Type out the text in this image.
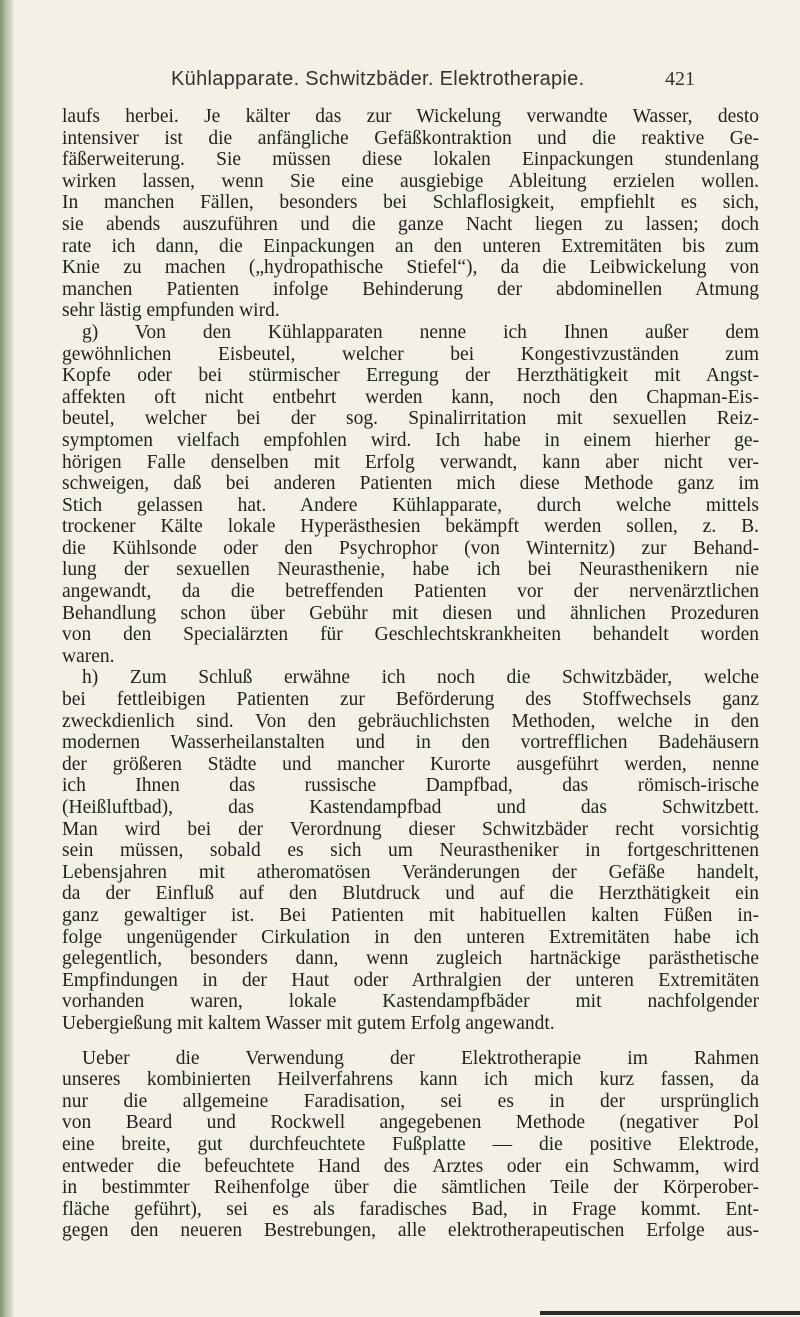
Kühlapparate. Schwitzbäder. Elektrotherapie.	421
laufs herbei. Je kälter das zur Wickelung verwandte Wasser, desto
intensiver ist die anfängliche Gefäßkontraktion und die reaktive Ge-
fäßerweiterung. Sie müssen diese lokalen Einpackungen stundenlang
wirken lassen, wenn Sie eine ausgiebige Ableitung erzielen wollen.
In manchen Fällen, besonders bei Schlaflosigkeit, empfiehlt es sich,
sie abends auszuführen und die ganze Nacht liegen zu lassen; doch
rate ich dann, die Einpackungen an den unteren Extremitäten bis zum
Knie zu machen („hydropathische Stiefel“), da die Leibwickelung von
manchen Patienten infolge Behinderung der abdominellen Atmung
sehr lästig empfunden wird.
g) Von den Kühlapparaten nenne ich Ihnen außer dem
gewöhnlichen Eisbeutel, welcher bei Kongestivzuständen zum
Kopfe oder bei stürmischer Erregung der Herzthätigkeit mit Angst-
affekten oft nicht entbehrt werden kann, noch den Chapman-Eis-
beutel, welcher bei der sog. Spinalirritation mit sexuellen Reiz-
symptomen vielfach empfohlen wird. Ich habe in einem hierher ge-
hörigen Falle denselben mit Erfolg verwandt, kann aber nicht ver-
schweigen, daß bei anderen Patienten mich diese Methode ganz im
Stich gelassen hat. Andere Kühlapparate, durch welche mittels
trockener Kälte lokale Hyperästhesien bekämpft werden sollen, z. B.
die Kühlsonde oder den Psychrophor (von Winternitz) zur Behand-
lung der sexuellen Neurasthenie, habe ich bei Neurasthenikern nie
angewandt, da die betreffenden Patienten vor der nervenärztlichen
Behandlung schon über Gebühr mit diesen und ähnlichen Prozeduren
von den Specialärzten für Geschlechtskrankheiten behandelt worden
waren.
h) Zum Schluß erwähne ich noch die Schwitzbäder, welche
bei fettleibigen Patienten zur Beförderung des Stoffwechsels ganz
zweckdienlich sind. Von den gebräuchlichsten Methoden, welche in den
modernen Wasserheilanstalten und in den vortrefflichen Badehäusern
der größeren Städte und mancher Kurorte ausgeführt werden, nenne
ich Ihnen das russische Dampfbad, das römisch-irische
(Heißluftbad), das Kastendampfbad und das Schwitzbett.
Man wird bei der Verordnung dieser Schwitzbäder recht vorsichtig
sein müssen, sobald es sich um Neurastheniker in fortgeschrittenen
Lebensjahren mit atheromatösen Veränderungen der Gefäße handelt,
da der Einfluß auf den Blutdruck und auf die Herzthätigkeit ein
ganz gewaltiger ist. Bei Patienten mit habituellen kalten Füßen in-
folge ungenügender Cirkulation in den unteren Extremitäten habe ich
gelegentlich, besonders dann, wenn zugleich hartnäckige parästhetische
Empfindungen in der Haut oder Arthralgien der unteren Extremitäten
vorhanden waren, lokale Kastendampfbäder mit nachfolgender
Uebergießung mit kaltem Wasser mit gutem Erfolg angewandt.
Ueber die Verwendung der Elektrotherapie im Rahmen
unseres kombinierten Heilverfahrens kann ich mich kurz fassen, da
nur die allgemeine Faradisation, sei es in der ursprünglich
von Beard und Rockwell angegebenen Methode (negativer Pol
eine breite, gut durchfeuchtete Fußplatte — die positive Elektrode,
entweder die befeuchtete Hand des Arztes oder ein Schwamm, wird
in bestimmter Reihenfolge über die sämtlichen Teile der Körperober-
fläche geführt), sei es als faradisches Bad, in Frage kommt. Ent-
gegen den neueren Bestrebungen, alle elektrotherapeutischen Erfolge aus-
